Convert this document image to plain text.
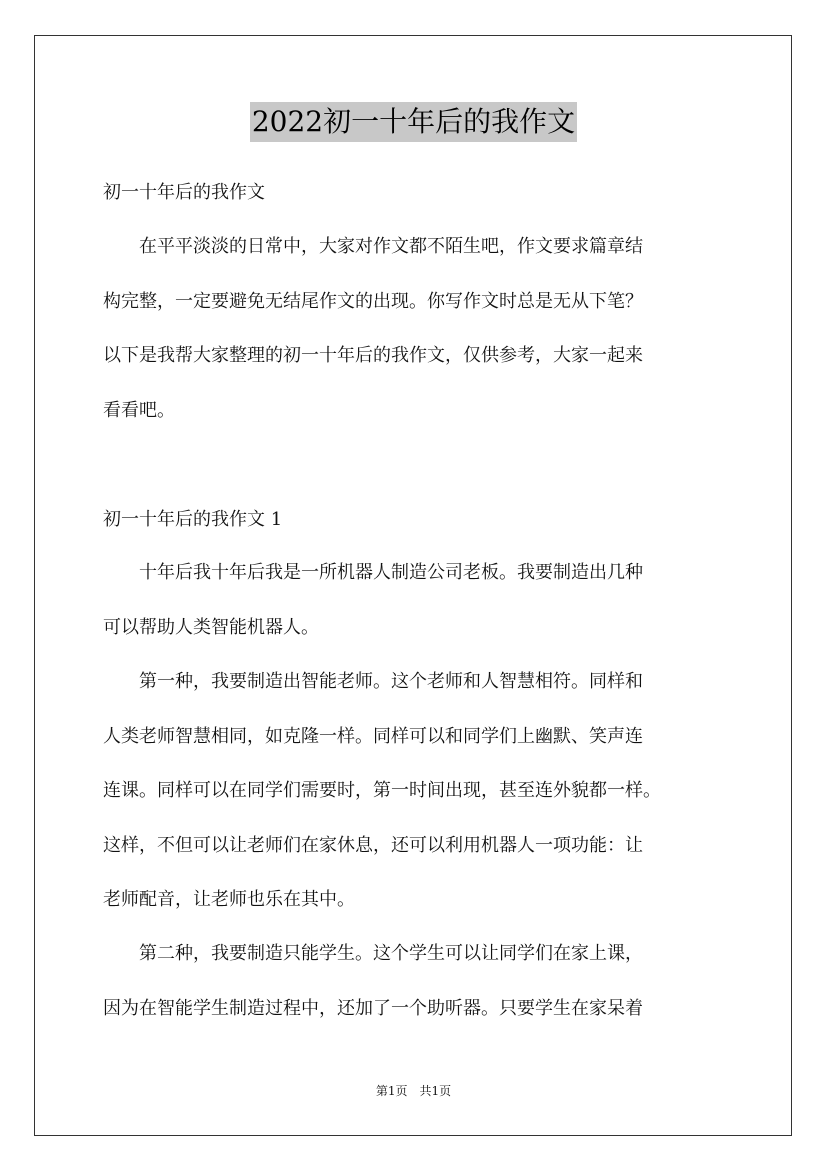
2022初一十年后的我作文
初一十年后的我作文
　　在平平淡淡的日常中，大家对作文都不陌生吧，作文要求篇章结
构完整，一定要避免无结尾作文的出现。你写作文时总是无从下笔？
以下是我帮大家整理的初一十年后的我作文，仅供参考，大家一起来
看看吧。
初一十年后的我作文 1
　　十年后我十年后我是一所机器人制造公司老板。我要制造出几种
可以帮助人类智能机器人。
　　第一种，我要制造出智能老师。这个老师和人智慧相符。同样和
人类老师智慧相同，如克隆一样。同样可以和同学们上幽默、笑声连
连课。同样可以在同学们需要时，第一时间出现，甚至连外貌都一样。
这样，不但可以让老师们在家休息，还可以利用机器人一项功能：让
老师配音，让老师也乐在其中。
　　第二种，我要制造只能学生。这个学生可以让同学们在家上课，
因为在智能学生制造过程中，还加了一个助听器。只要学生在家呆着
第1页　共1页
